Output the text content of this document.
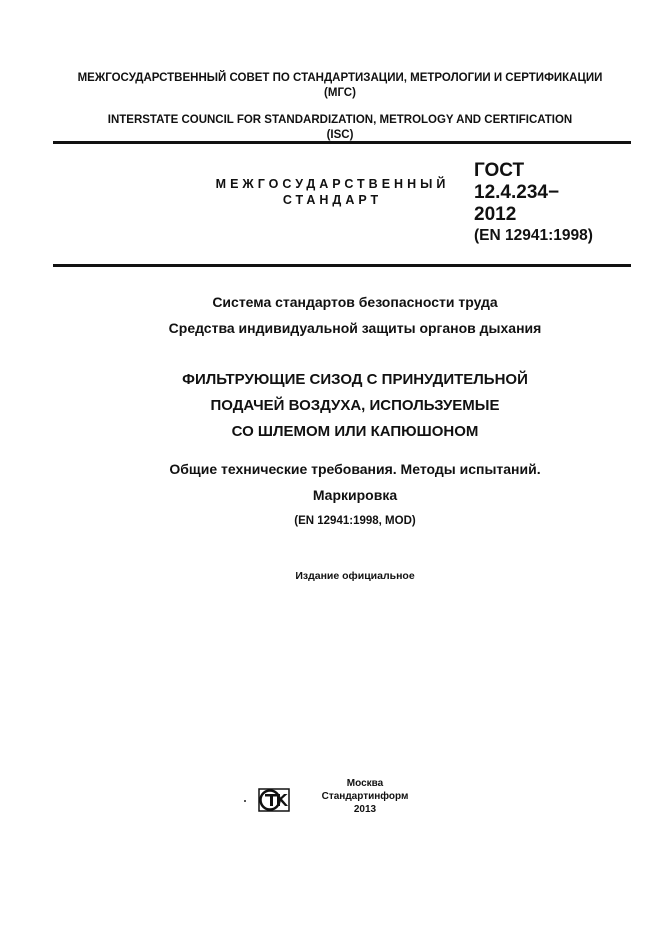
МЕЖГОСУДАРСТВЕННЫЙ СОВЕТ ПО СТАНДАРТИЗАЦИИ, МЕТРОЛОГИИ И СЕРТИФИКАЦИИ
(МГС)
INTERSTATE COUNCIL FOR STANDARDIZATION, METROLOGY AND CERTIFICATION
(ISC)
МЕЖГОСУДАРСТВЕННЫЙ
СТАНДАРТ
ГОСТ
12.4.234−
2012
(EN 12941:1998)
Система стандартов безопасности труда
Средства индивидуальной защиты органов дыхания
ФИЛЬТРУЮЩИЕ СИЗОД С ПРИНУДИТЕЛЬНОЙ
ПОДАЧЕЙ ВОЗДУХА, ИСПОЛЬЗУЕМЫЕ
СО ШЛЕМОМ ИЛИ КАПЮШОНОМ
Общие технические требования. Методы испытаний.
Маркировка
(EN 12941:1998, MOD)
Издание официальное
Москва
Стандартинформ
2013
